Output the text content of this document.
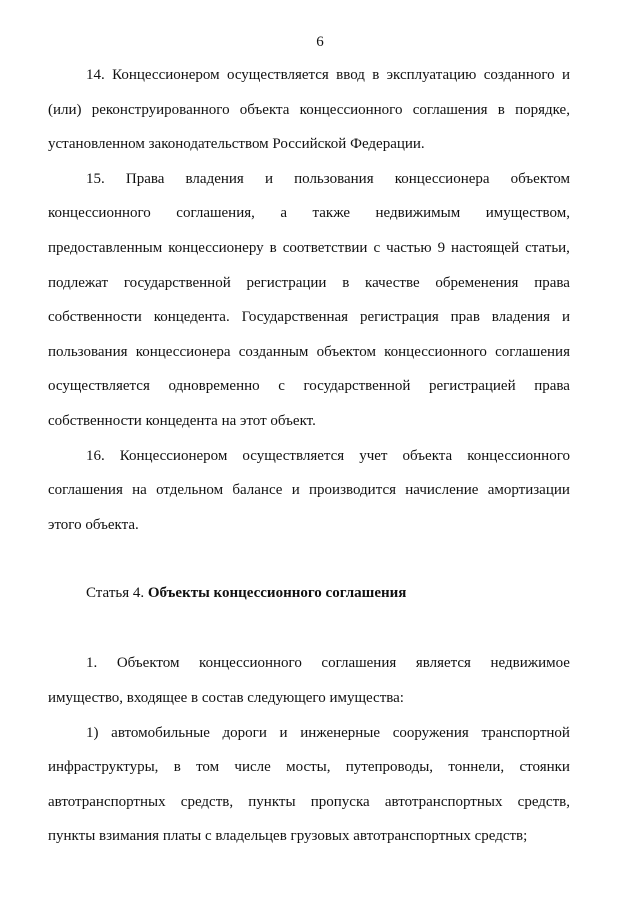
6
14. Концессионером осуществляется ввод в эксплуатацию созданного и
(или) реконструированного объекта концессионного соглашения в порядке,
установленном законодательством Российской Федерации.
15. Права владения и пользования концессионера объектом
концессионного соглашения, а также недвижимым имуществом,
предоставленным концессионеру в соответствии с частью 9 настоящей статьи,
подлежат государственной регистрации в качестве обременения права
собственности концедента. Государственная регистрация прав владения и
пользования концессионера созданным объектом концессионного соглашения
осуществляется одновременно с государственной регистрацией права
собственности концедента на этот объект.
16. Концессионером осуществляется учет объекта концессионного
соглашения на отдельном балансе и производится начисление амортизации
этого объекта.
Статья 4. Объекты концессионного соглашения
1. Объектом концессионного соглашения является недвижимое
имущество, входящее в состав следующего имущества:
1) автомобильные дороги и инженерные сооружения транспортной
инфраструктуры, в том числе мосты, путепроводы, тоннели, стоянки
автотранспортных средств, пункты пропуска автотранспортных средств,
пункты взимания платы с владельцев грузовых автотранспортных средств;
